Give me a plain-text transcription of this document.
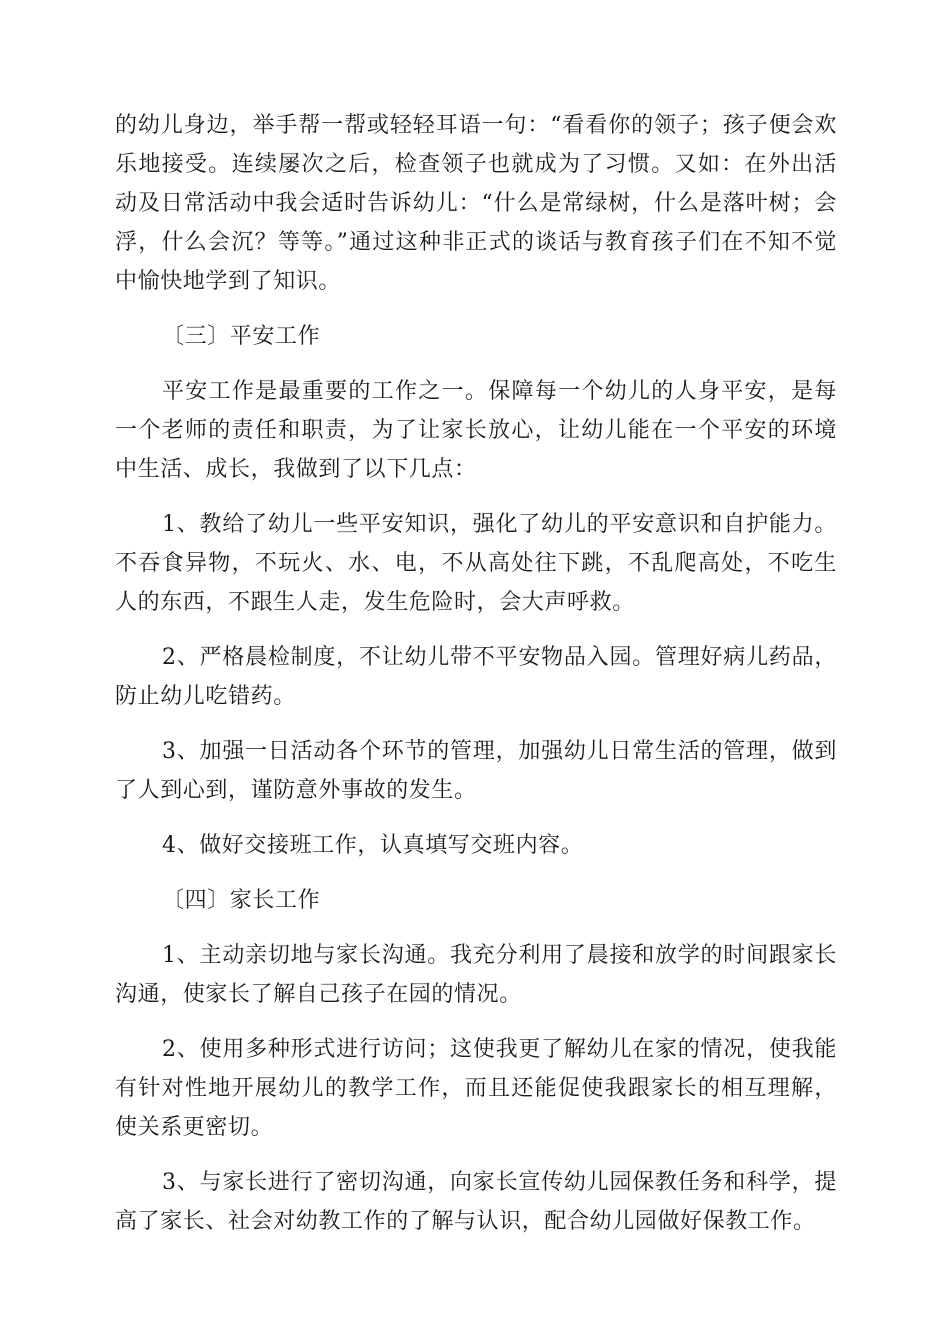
的幼儿身边，举手帮一帮或轻轻耳语一句：“看看你的领子；孩子便会欢乐地接受。连续屡次之后，检查领子也就成为了习惯。又如：在外出活动及日常活动中我会适时告诉幼儿：“什么是常绿树，什么是落叶树；会浮，什么会沉？等等。”通过这种非正式的谈话与教育孩子们在不知不觉中愉快地学到了知识。

〔三〕平安工作

平安工作是最重要的工作之一。保障每一个幼儿的人身平安，是每一个老师的责任和职责，为了让家长放心，让幼儿能在一个平安的环境中生活、成长，我做到了以下几点：

1、教给了幼儿一些平安知识，强化了幼儿的平安意识和自护能力。不吞食异物，不玩火、水、电，不从高处往下跳，不乱爬高处，不吃生人的东西，不跟生人走，发生危险时，会大声呼救。

2、严格晨检制度，不让幼儿带不平安物品入园。管理好病儿药品，防止幼儿吃错药。

3、加强一日活动各个环节的管理，加强幼儿日常生活的管理，做到了人到心到，谨防意外事故的发生。

4、做好交接班工作，认真填写交班内容。

〔四〕家长工作

1、主动亲切地与家长沟通。我充分利用了晨接和放学的时间跟家长沟通，使家长了解自己孩子在园的情况。

2、使用多种形式进行访问；这使我更了解幼儿在家的情况，使我能有针对性地开展幼儿的教学工作，而且还能促使我跟家长的相互理解，使关系更密切。

3、与家长进行了密切沟通，向家长宣传幼儿园保教任务和科学，提高了家长、社会对幼教工作的了解与认识，配合幼儿园做好保教工作。
